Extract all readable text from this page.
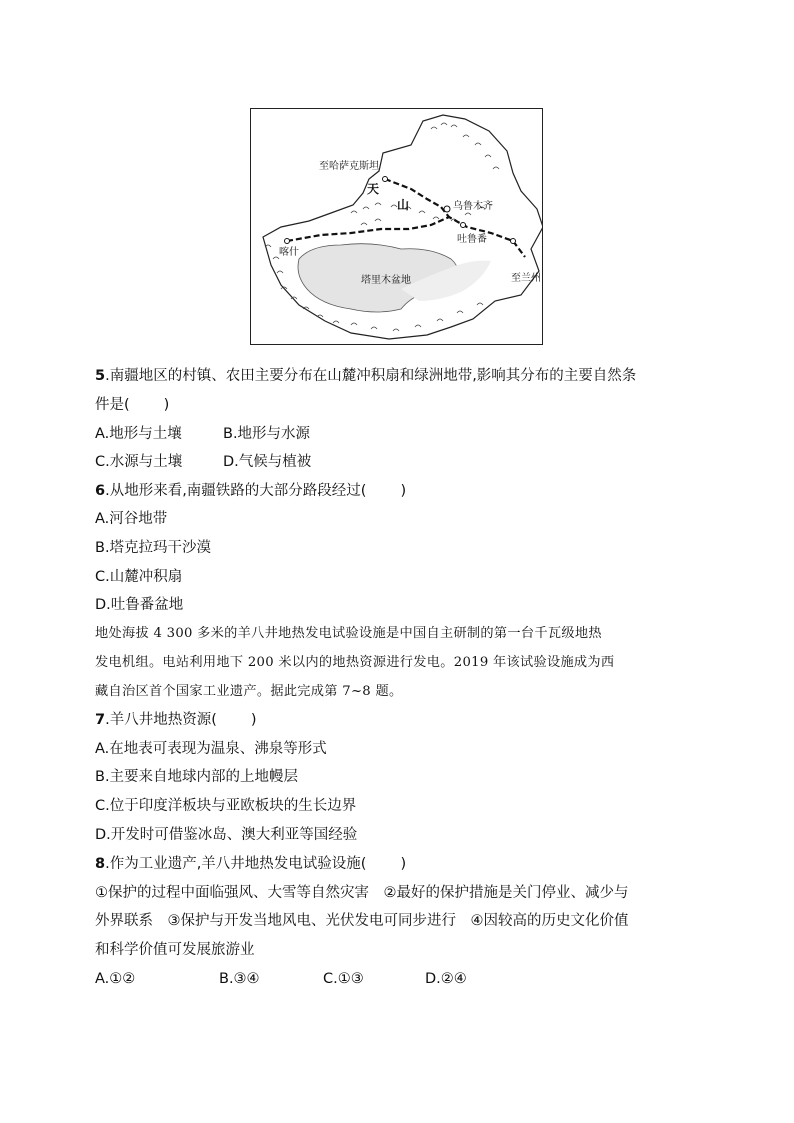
至哈萨克斯坦
天
山	乌鲁木齐
吐鲁番
喀什
塔里木盆地	至兰州
5.南疆地区的村镇、农田主要分布在山麓冲积扇和绿洲地带,影响其分布的主要自然条
件是( )
A.地形与土壤	B.地形与水源
C.水源与土壤	D.气候与植被
6.从地形来看,南疆铁路的大部分路段经过( )
A.河谷地带
B.塔克拉玛干沙漠
C.山麓冲积扇
D.吐鲁番盆地
地处海拔 4 300 多米的羊八井地热发电试验设施是中国自主研制的第一台千瓦级地热
发电机组。电站利用地下 200 米以内的地热资源进行发电。2019 年该试验设施成为西
藏自治区首个国家工业遗产。据此完成第 7~8 题。
7.羊八井地热资源( )
A.在地表可表现为温泉、沸泉等形式
B.主要来自地球内部的上地幔层
C.位于印度洋板块与亚欧板块的生长边界
D.开发时可借鉴冰岛、澳大利亚等国经验
8.作为工业遗产,羊八井地热发电试验设施( )
①保护的过程中面临强风、大雪等自然灾害　②最好的保护措施是关门停业、减少与
外界联系　③保护与开发当地风电、光伏发电可同步进行　④因较高的历史文化价值
和科学价值可发展旅游业
A.①②	B.③④	C.①③	D.②④
